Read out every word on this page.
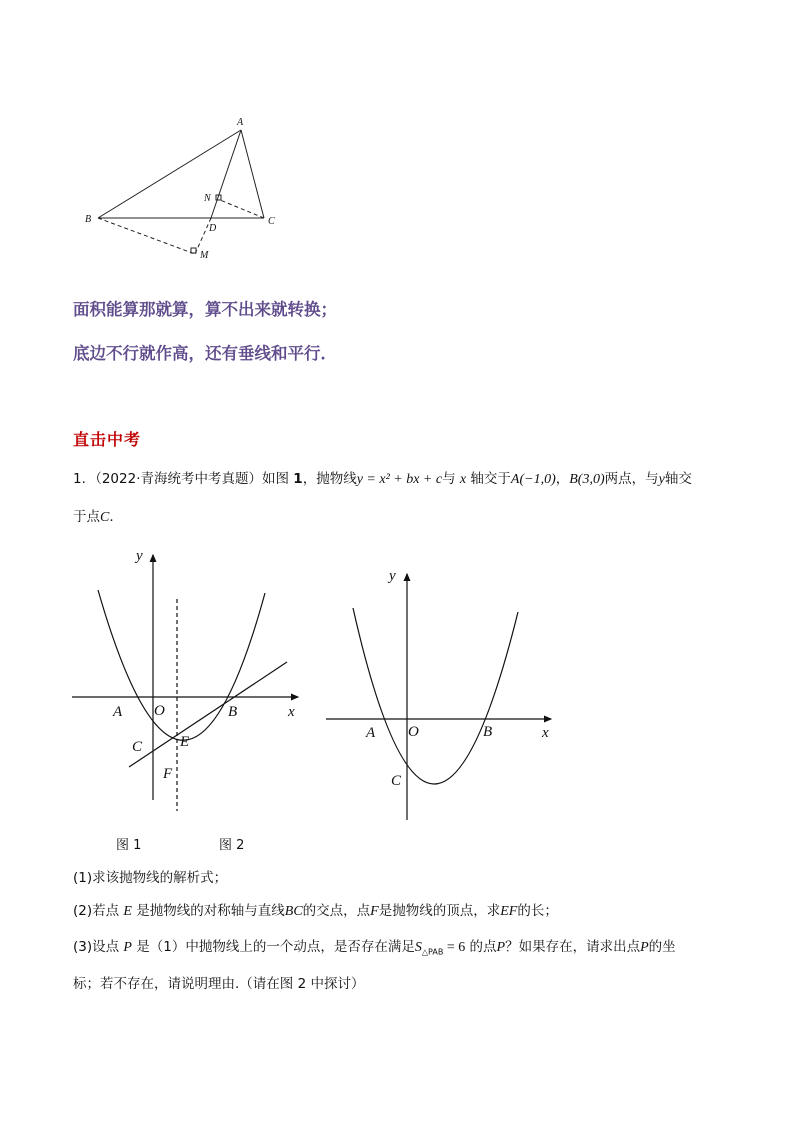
A
B	C
N
D
M
面积能算那就算，算不出来就转换；
底边不行就作高，还有垂线和平行．
直击中考
1．（2022·青海统考中考真题）如图 1，抛物线y = x² + bx + c与 x 轴交于A(−1,0)，B(3,0)两点，与y轴交
于点C.
y
x
A O	B
C	E
F
y
x
A O	B
C
图 1	图 2
(1)求该抛物线的解析式；
(2)若点 E 是抛物线的对称轴与直线BC的交点，点F是抛物线的顶点，求EF的长；
(3)设点 P 是（1）中抛物线上的一个动点，是否存在满足$S_{\triangle PAB} = 6$ 的点P？如果存在，请求出点P的坐
标；若不存在，请说明理由.（请在图 2 中探讨）
